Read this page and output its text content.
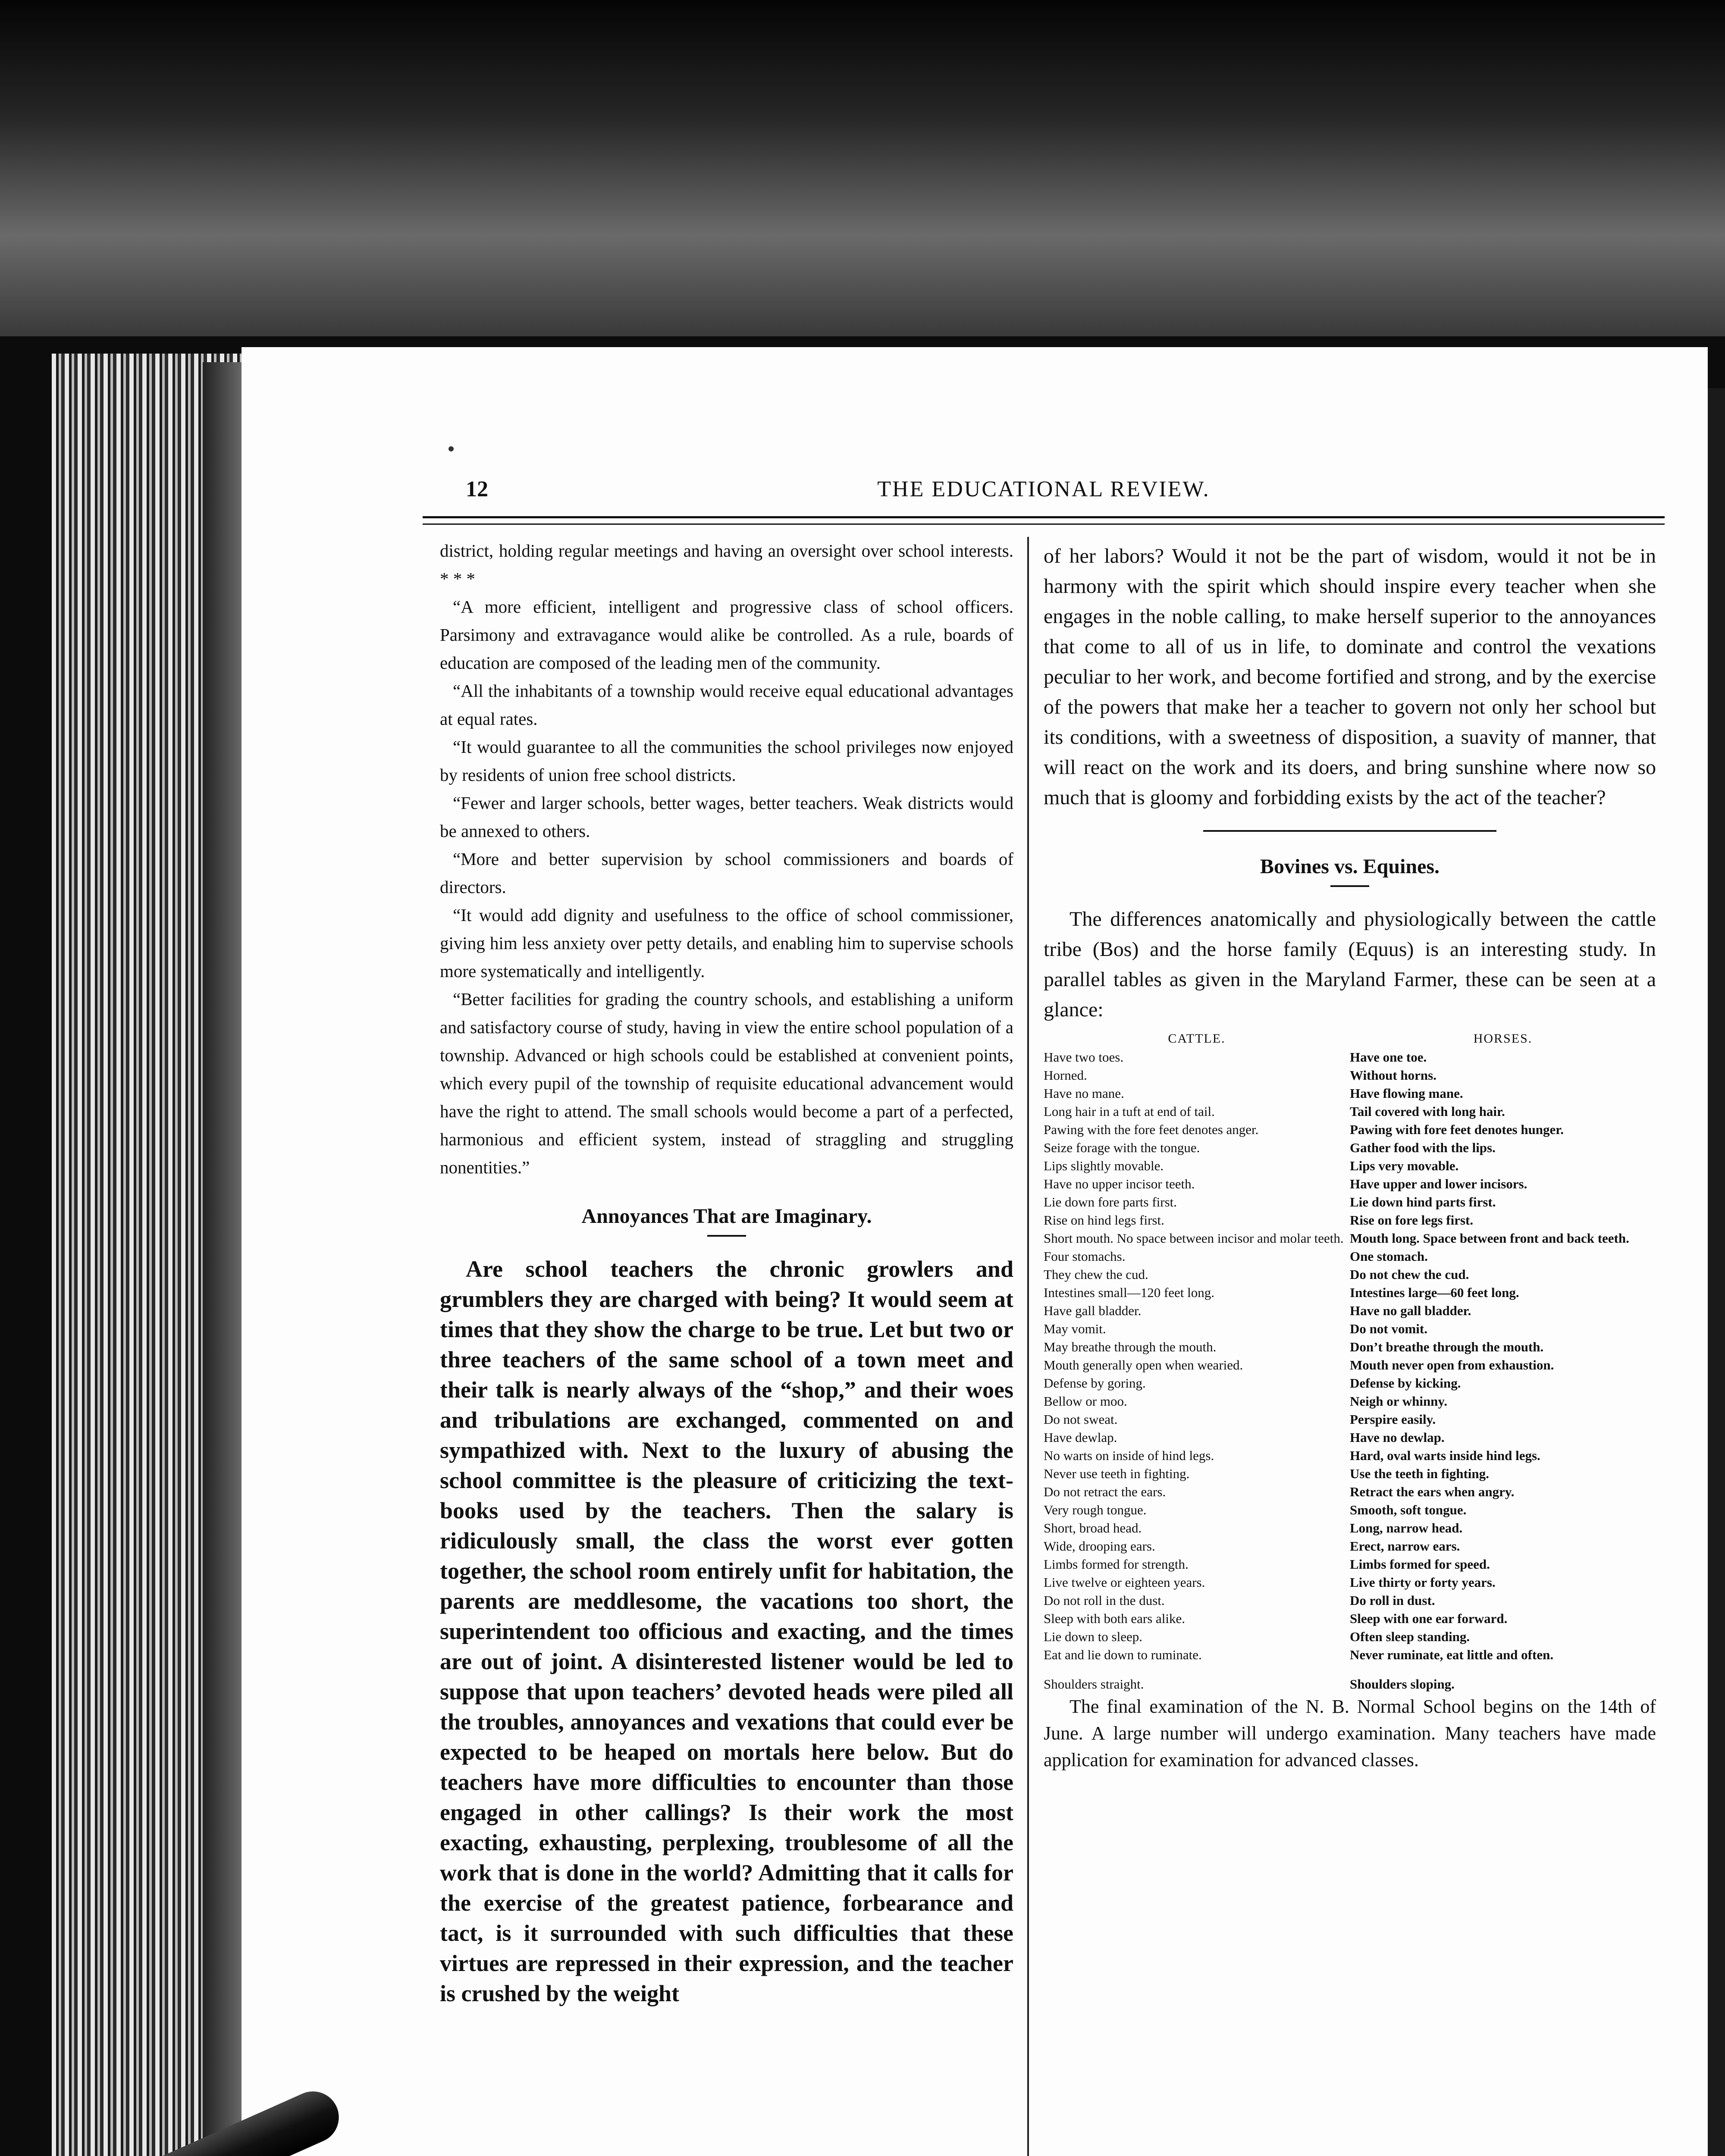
12	THE EDUCATIONAL REVIEW.

district, holding regular meetings and having an oversight over school interests. * * *

“A more efficient, intelligent and progressive class of school officers. Parsimony and extravagance would alike be controlled. As a rule, boards of education are composed of the leading men of the community.

“All the inhabitants of a township would receive equal educational advantages at equal rates.

“It would guarantee to all the communities the school privileges now enjoyed by residents of union free school districts.

“Fewer and larger schools, better wages, better teachers. Weak districts would be annexed to others.

“More and better supervision by school commissioners and boards of directors.

“It would add dignity and usefulness to the office of school commissioner, giving him less anxiety over petty details, and enabling him to supervise schools more systematically and intelligently.

“Better facilities for grading the country schools, and establishing a uniform and satisfactory course of study, having in view the entire school population of a township. Advanced or high schools could be established at convenient points, which every pupil of the township of requisite educational advancement would have the right to attend. The small schools would become a part of a perfected, harmonious and efficient system, instead of straggling and struggling nonentities.”

Annoyances That are Imaginary.

Are school teachers the chronic growlers and grumblers they are charged with being? It would seem at times that they show the charge to be true. Let but two or three teachers of the same school of a town meet and their talk is nearly always of the “shop,” and their woes and tribulations are exchanged, commented on and sympathized with. Next to the luxury of abusing the school committee is the pleasure of criticizing the text-books used by the teachers. Then the salary is ridiculously small, the class the worst ever gotten together, the school room entirely unfit for habitation, the parents are meddlesome, the vacations too short, the superintendent too officious and exacting, and the times are out of joint. A disinterested listener would be led to suppose that upon teachers’ devoted heads were piled all the troubles, annoyances and vexations that could ever be expected to be heaped on mortals here below. But do teachers have more difficulties to encounter than those engaged in other callings? Is their work the most exacting, exhausting, perplexing, troublesome of all the work that is done in the world? Admitting that it calls for the exercise of the greatest patience, forbearance and tact, is it surrounded with such difficulties that these virtues are repressed in their expression, and the teacher is crushed by the weight

of her labors? Would it not be the part of wisdom, would it not be in harmony with the spirit which should inspire every teacher when she engages in the noble calling, to make herself superior to the annoyances that come to all of us in life, to dominate and control the vexations peculiar to her work, and become fortified and strong, and by the exercise of the powers that make her a teacher to govern not only her school but its conditions, with a sweetness of disposition, a suavity of manner, that will react on the work and its doers, and bring sunshine where now so much that is gloomy and forbidding exists by the act of the teacher?

Bovines vs. Equines.

The differences anatomically and physiologically between the cattle tribe (Bos) and the horse family (Equus) is an interesting study. In parallel tables as given in the Maryland Farmer, these can be seen at a glance:

CATTLE.	HORSES.
Have two toes.
Horned.
Have no mane.
Long hair in a tuft at end of tail.
Pawing with the fore feet denotes anger.
Seize forage with the tongue.
Lips slightly movable.
Have no upper incisor teeth.
Lie down fore parts first.
Rise on hind legs first.
Short mouth. No space between incisor and molar teeth.
Four stomachs.
They chew the cud.
Intestines small—120 feet long.
Have gall bladder.
May vomit.
May breathe through the mouth.
Mouth generally open when wearied.
Defense by goring.
Bellow or moo.
Do not sweat.
Have dewlap.
No warts on inside of hind legs.
Never use teeth in fighting.
Do not retract the ears.
Very rough tongue.
Short, broad head.
Wide, drooping ears.
Limbs formed for strength.
Live twelve or eighteen years.
Do not roll in the dust.
Sleep with both ears alike.
Lie down to sleep.
Eat and lie down to ruminate.
Shoulders straight.
Have one toe.
Without horns.
Have flowing mane.
Tail covered with long hair.
Pawing with fore feet denotes hunger.
Gather food with the lips.
Lips very movable.
Have upper and lower incisors.
Lie down hind parts first.
Rise on fore legs first.
Mouth long. Space between front and back teeth.
One stomach.
Do not chew the cud.
Intestines large—60 feet long.
Have no gall bladder.
Do not vomit.
Don’t breathe through the mouth.
Mouth never open from exhaustion.
Defense by kicking.
Neigh or whinny.
Perspire easily.
Have no dewlap.
Hard, oval warts inside hind legs.
Use the teeth in fighting.
Retract the ears when angry.
Smooth, soft tongue.
Long, narrow head.
Erect, narrow ears.
Limbs formed for speed.
Live thirty or forty years.
Do roll in dust.
Sleep with one ear forward.
Often sleep standing.
Never ruminate, eat little and often.
Shoulders sloping.

The final examination of the N. B. Normal School begins on the 14th of June. A large number will undergo examination. Many teachers have made application for examination for advanced classes.
